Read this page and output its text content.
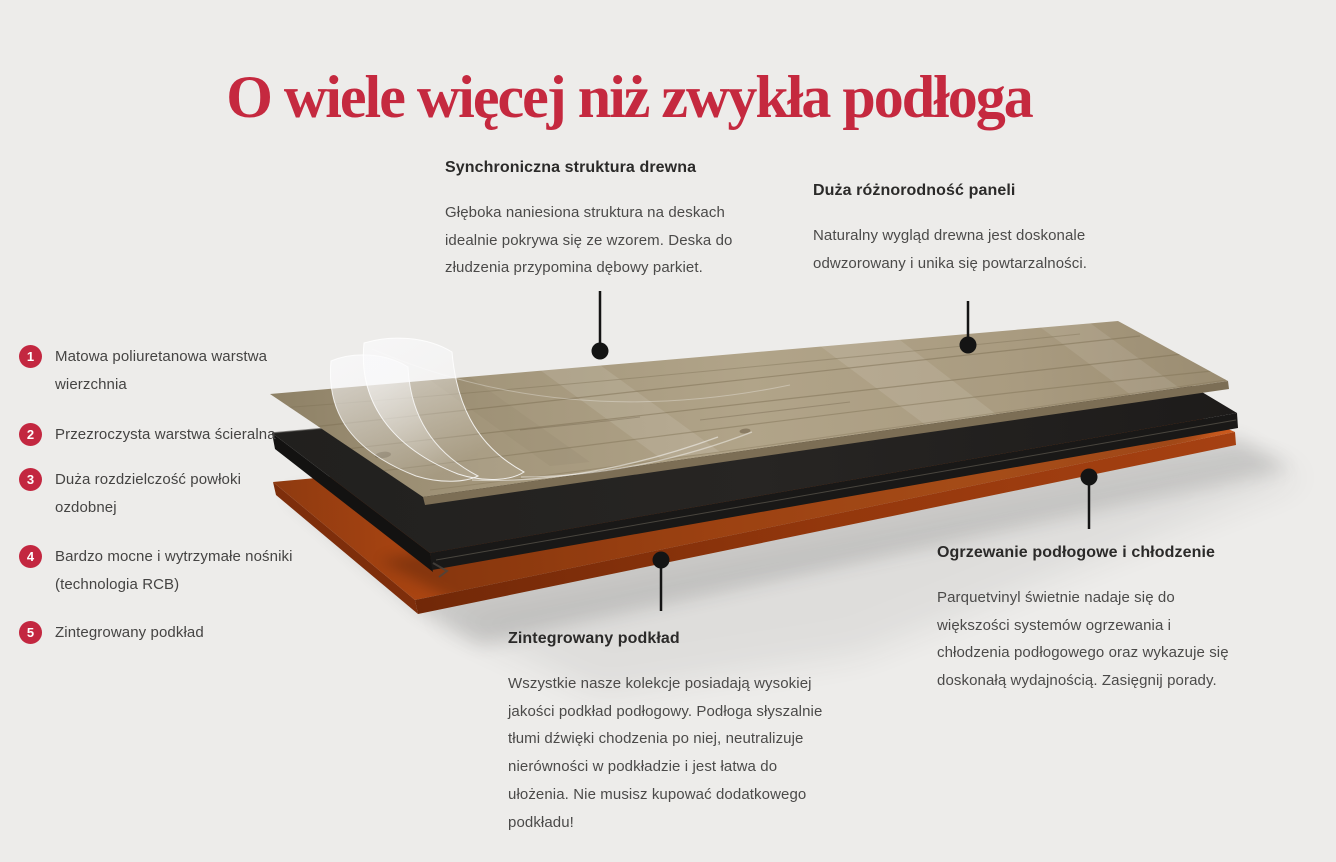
O wiele więcej niż zwykła podłoga
Synchroniczna struktura drewna

Głęboka naniesiona struktura na deskach idealnie pokrywa się ze wzorem. Deska do złudzenia przypomina dębowy parkiet.

Duża różnorodność paneli

Naturalny wygląd drewna jest doskonale odwzorowany i unika się powtarzalności.

Zintegrowany podkład

Wszystkie nasze kolekcje posiadają wysokiej jakości podkład podłogowy. Podłoga słyszalnie tłumi dźwięki chodzenia po niej, neutralizuje nierówności w podkładzie i jest łatwa do ułożenia. Nie musisz kupować dodatkowego podkładu!

Ogrzewanie podłogowe i chłodzenie

Parquetvinyl świetnie nadaje się do większości systemów ogrzewania i chłodzenia podłogowego oraz wykazuje się doskonałą wydajnością. Zasięgnij porady.

1	Matowa poliuretanowa warstwa wierzchnia
2	Przezroczysta warstwa ścieralna
3	Duża rozdzielczość powłoki ozdobnej
4	Bardzo mocne i wytrzymałe nośniki (technologia RCB)
5	Zintegrowany podkład
